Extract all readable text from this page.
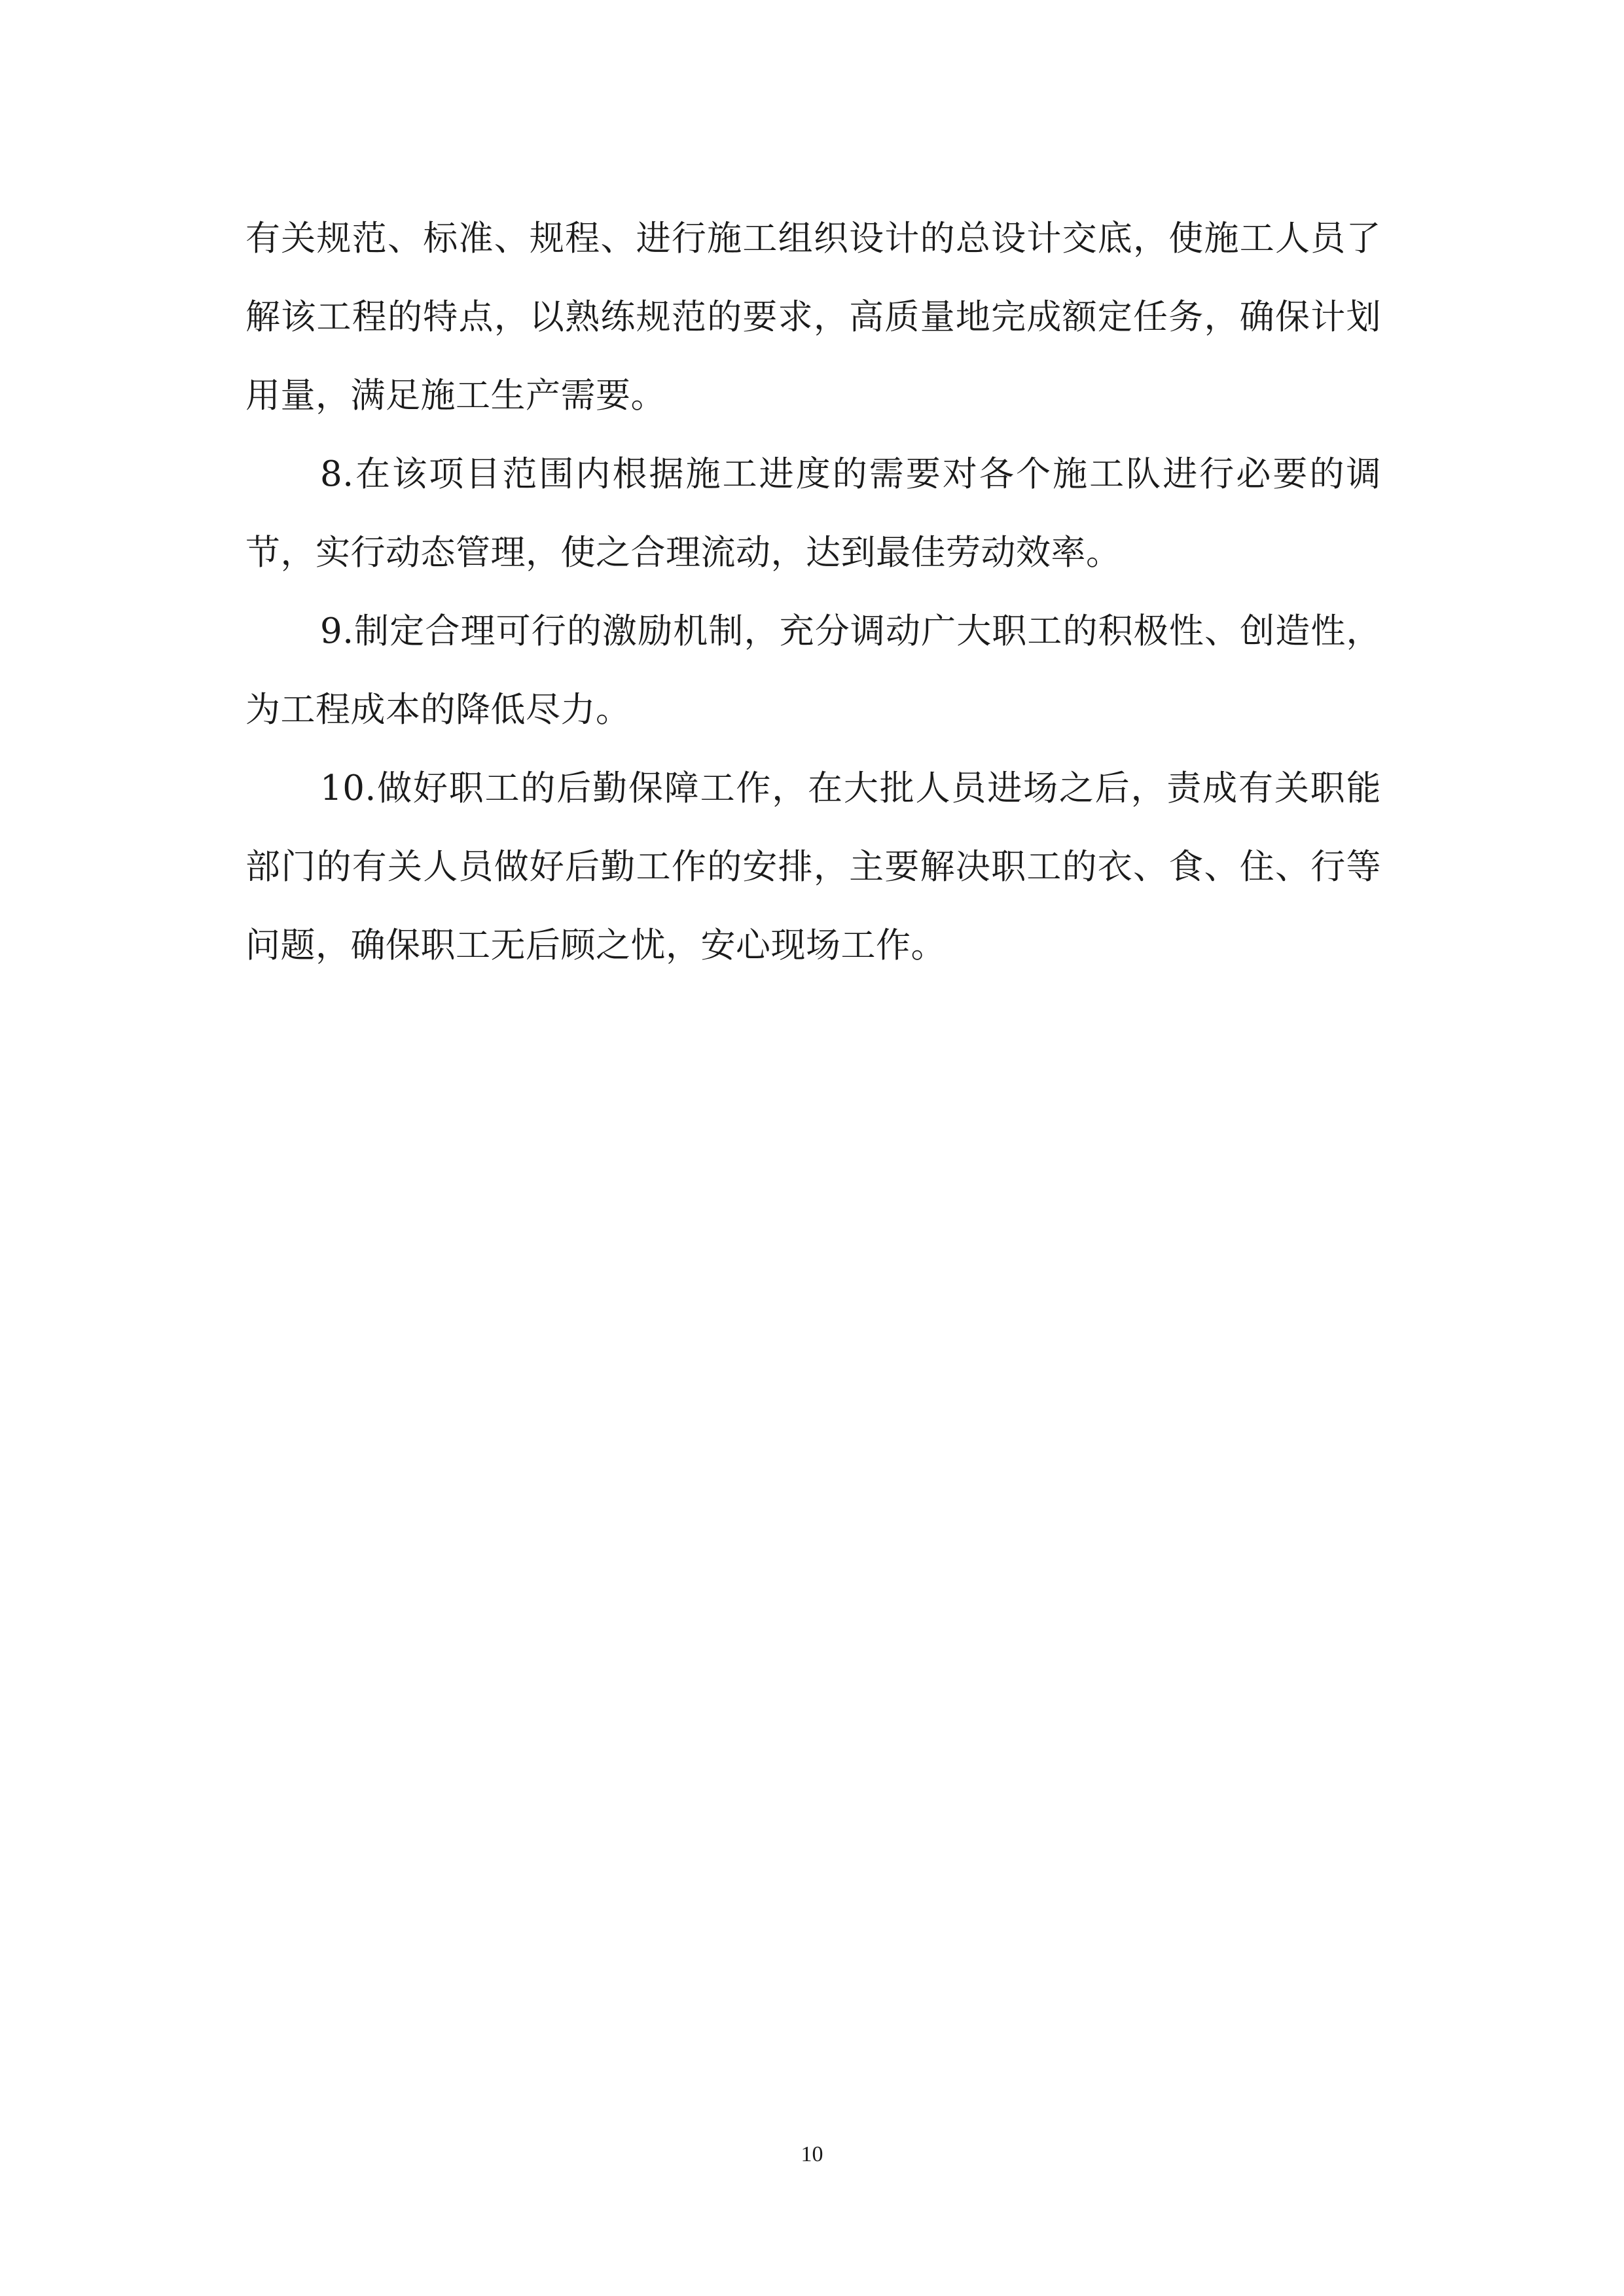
有关规范、标准、规程、进行施工组织设计的总设计交底，使施工人员了解该工程的特点，以熟练规范的要求，高质量地完成额定任务，确保计划用量，满足施工生产需要。

8.在该项目范围内根据施工进度的需要对各个施工队进行必要的调节，实行动态管理，使之合理流动，达到最佳劳动效率。

9.制定合理可行的激励机制，充分调动广大职工的积极性、创造性，为工程成本的降低尽力。

10.做好职工的后勤保障工作，在大批人员进场之后，责成有关职能部门的有关人员做好后勤工作的安排，主要解决职工的衣、食、住、行等问题，确保职工无后顾之忧，安心现场工作。

10
